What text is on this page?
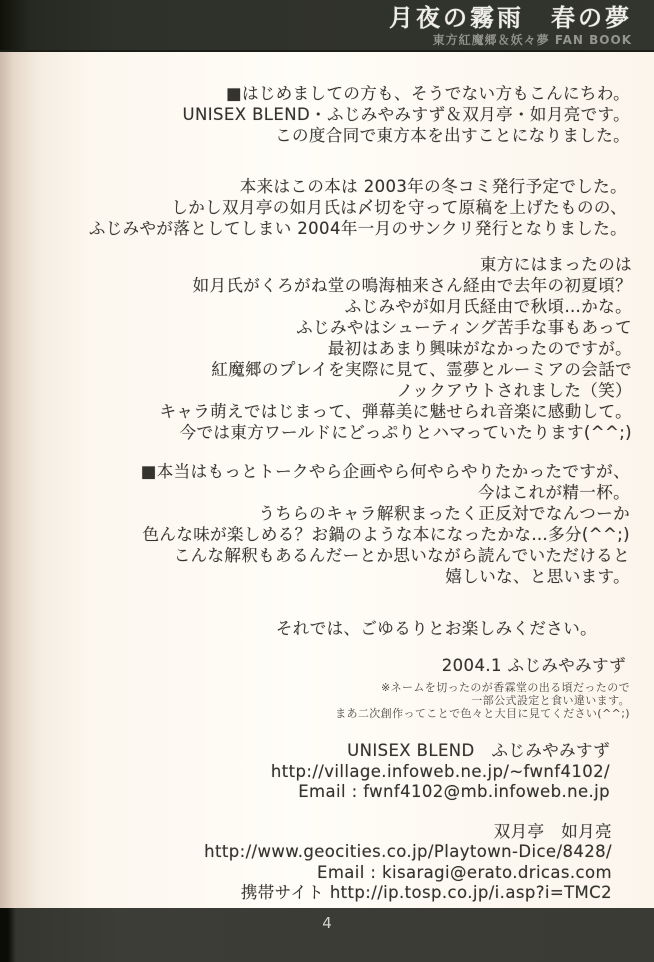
月夜の霧雨　春の夢
東方紅魔郷＆妖々夢 FAN BOOK

■はじめましての方も、そうでない方もこんにちわ。
UNISEX BLEND・ふじみやみすず＆双月亭・如月亮です。
この度合同で東方本を出すことになりました。

本来はこの本は 2003年の冬コミ発行予定でした。
しかし双月亭の如月氏は〆切を守って原稿を上げたものの、
ふじみやが落としてしまい 2004年一月のサンクリ発行となりました。

東方にはまったのは
如月氏がくろがね堂の鳴海柚来さん経由で去年の初夏頃？
ふじみやが如月氏経由で秋頃…かな。
ふじみやはシューティング苦手な事もあって
最初はあまり興味がなかったのですが。
紅魔郷のプレイを実際に見て、霊夢とルーミアの会話で
ノックアウトされました（笑）
キャラ萌えではじまって、弾幕美に魅せられ音楽に感動して。
今では東方ワールドにどっぷりとハマっていたります(^^;)

■本当はもっとトークやら企画やら何やらやりたかったですが、
今はこれが精一杯。
うちらのキャラ解釈まったく正反対でなんつーか
色んな味が楽しめる？お鍋のような本になったかな…多分(^^;)
こんな解釈もあるんだーとか思いながら読んでいただけると
嬉しいな、と思います。

それでは、ごゆるりとお楽しみください。

2004.1 ふじみやみすず

※ネームを切ったのが香霖堂の出る頃だったので
一部公式設定と食い違います。
まあ二次創作ってことで色々と大目に見てください(^^;)

UNISEX BLEND　ふじみやみすず
http://village.infoweb.ne.jp/~fwnf4102/
Email : fwnf4102@mb.infoweb.ne.jp

双月亭　如月亮
http://www.geocities.co.jp/Playtown-Dice/8428/
Email : kisaragi@erato.dricas.com
携帯サイト http://ip.tosp.co.jp/i.asp?i=TMC2

4
